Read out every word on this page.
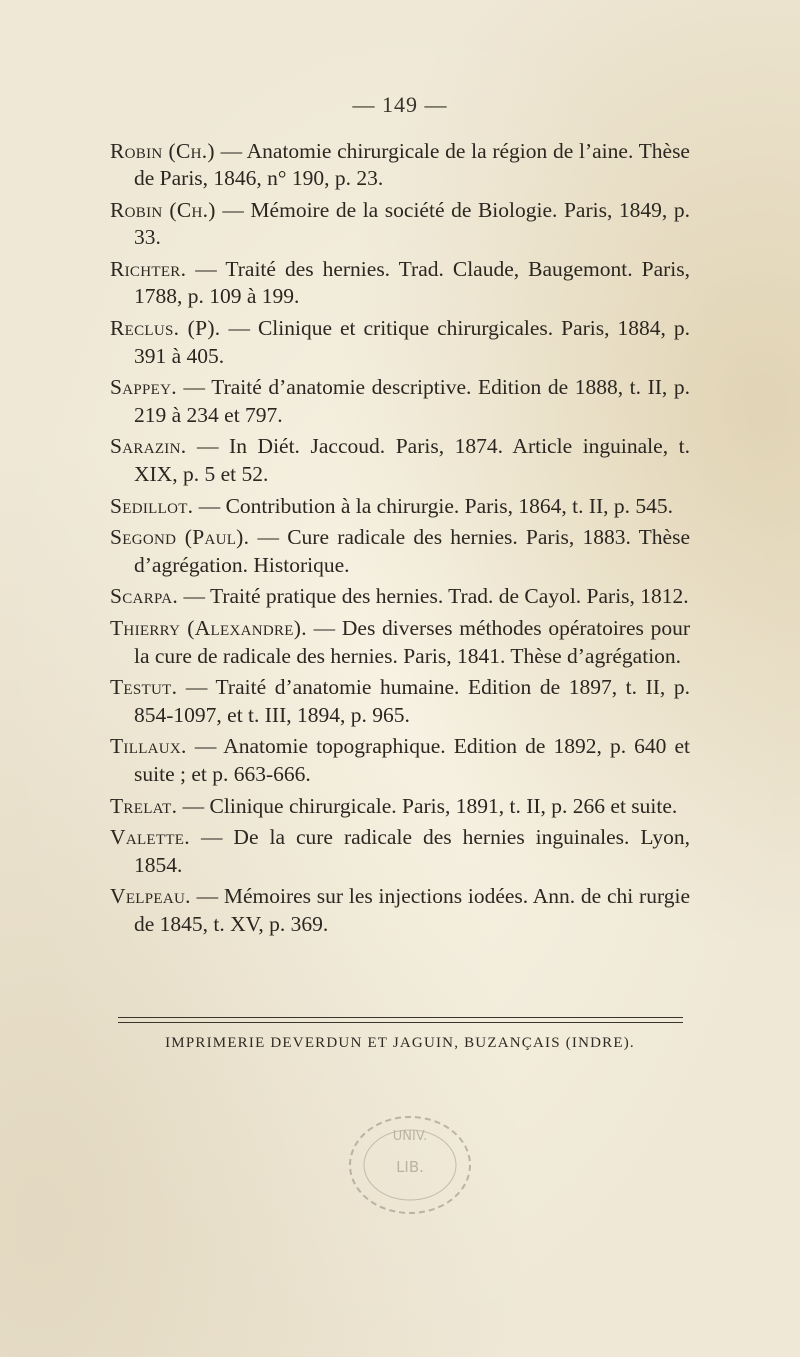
— 149 —

Robin (Ch.) — Anatomie chirurgicale de la région de l’aine. Thèse de Paris, 1846, n° 190, p. 23.

Robin (Ch.) — Mémoire de la société de Biologie. Paris, 1849, p. 33.

Richter. — Traité des hernies. Trad. Claude, Baugemont. Paris, 1788, p. 109 à 199.

Reclus. (P). — Clinique et critique chirurgicales. Paris, 1884, p. 391 à 405.

Sappey. — Traité d’anatomie descriptive. Edition de 1888, t. II, p. 219 à 234 et 797.

Sarazin. — In Diét. Jaccoud. Paris, 1874. Article inguinale, t. XIX, p. 5 et 52.

Sedillot. — Contribution à la chirurgie. Paris, 1864, t. II, p. 545.

Segond (Paul). — Cure radicale des hernies. Paris, 1883. Thèse d’agrégation. Historique.

Scarpa. — Traité pratique des hernies. Trad. de Cayol. Paris, 1812.

Thierry (Alexandre). — Des diverses méthodes opératoires pour la cure de radicale des hernies. Paris, 1841. Thèse d’agrégation.

Testut. — Traité d’anatomie humaine. Edition de 1897, t. II, p. 854-1097, et t. III, 1894, p. 965.

Tillaux. — Anatomie topographique. Edition de 1892, p. 640 et suite ; et p. 663-666.

Trelat. — Clinique chirurgicale. Paris, 1891, t. II, p. 266 et suite.

Valette. — De la cure radicale des hernies inguinales. Lyon, 1854.

Velpeau. — Mémoires sur les injections iodées. Ann. de chi rurgie de 1845, t. XV, p. 369.

IMPRIMERIE DEVERDUN ET JAGUIN, BUZANÇAIS (INDRE).
UNIV.
LIB.
